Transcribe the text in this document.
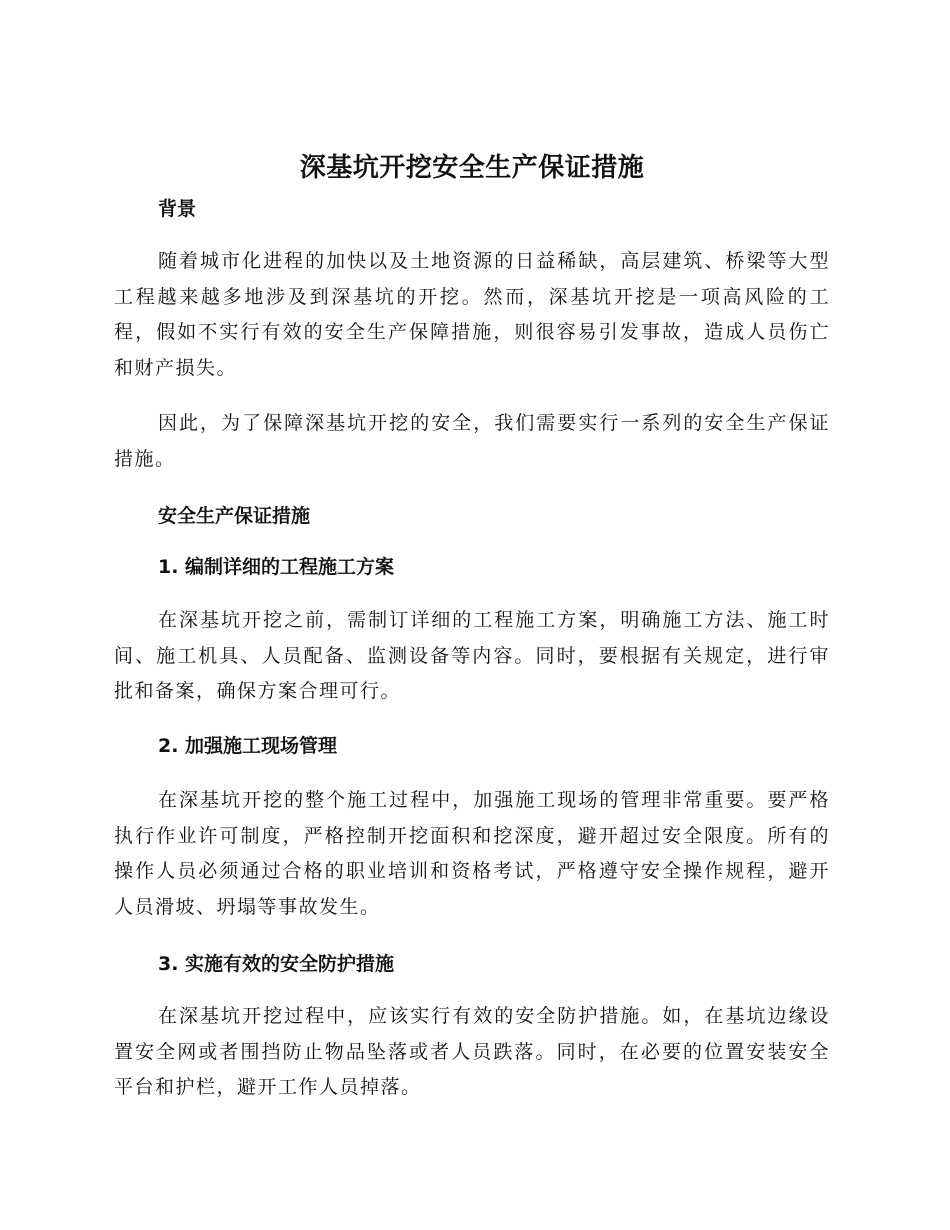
深基坑开挖安全生产保证措施
背景
随着城市化进程的加快以及土地资源的日益稀缺，高层建筑、桥梁等大型工程越来越多地涉及到深基坑的开挖。然而，深基坑开挖是一项高风险的工程，假如不实行有效的安全生产保障措施，则很容易引发事故，造成人员伤亡和财产损失。
因此，为了保障深基坑开挖的安全，我们需要实行一系列的安全生产保证措施。
安全生产保证措施
1. 编制详细的工程施工方案
在深基坑开挖之前，需制订详细的工程施工方案，明确施工方法、施工时间、施工机具、人员配备、监测设备等内容。同时，要根据有关规定，进行审批和备案，确保方案合理可行。
2. 加强施工现场管理
在深基坑开挖的整个施工过程中，加强施工现场的管理非常重要。要严格执行作业许可制度，严格控制开挖面积和挖深度，避开超过安全限度。所有的操作人员必须通过合格的职业培训和资格考试，严格遵守安全操作规程，避开人员滑坡、坍塌等事故发生。
3. 实施有效的安全防护措施
在深基坑开挖过程中，应该实行有效的安全防护措施。如，在基坑边缘设置安全网或者围挡防止物品坠落或者人员跌落。同时，在必要的位置安装安全平台和护栏，避开工作人员掉落。
